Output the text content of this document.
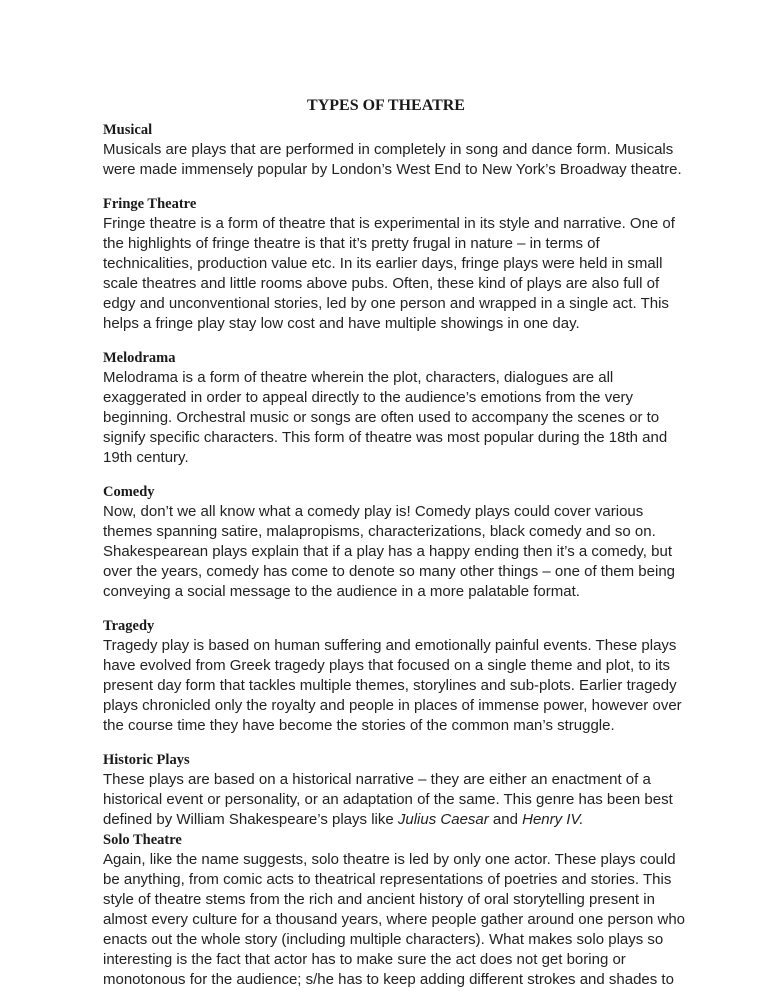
TYPES OF THEATRE
Musical
Musicals are plays that are performed in completely in song and dance form. Musicals
were made immensely popular by London’s West End to New York’s Broadway theatre.
Fringe Theatre
Fringe theatre is a form of theatre that is experimental in its style and narrative. One of
the highlights of fringe theatre is that it’s pretty frugal in nature – in terms of
technicalities, production value etc. In its earlier days, fringe plays were held in small
scale theatres and little rooms above pubs. Often, these kind of plays are also full of
edgy and unconventional stories, led by one person and wrapped in a single act. This
helps a fringe play stay low cost and have multiple showings in one day.
Melodrama
Melodrama is a form of theatre wherein the plot, characters, dialogues are all
exaggerated in order to appeal directly to the audience’s emotions from the very
beginning. Orchestral music or songs are often used to accompany the scenes or to
signify specific characters. This form of theatre was most popular during the 18th and
19th century.
Comedy
Now, don’t we all know what a comedy play is! Comedy plays could cover various
themes spanning satire, malapropisms, characterizations, black comedy and so on.
Shakespearean plays explain that if a play has a happy ending then it’s a comedy, but
over the years, comedy has come to denote so many other things – one of them being
conveying a social message to the audience in a more palatable format.
Tragedy
Tragedy play is based on human suffering and emotionally painful events. These plays
have evolved from Greek tragedy plays that focused on a single theme and plot, to its
present day form that tackles multiple themes, storylines and sub-plots. Earlier tragedy
plays chronicled only the royalty and people in places of immense power, however over
the course time they have become the stories of the common man’s struggle.
Historic Plays
These plays are based on a historical narrative – they are either an enactment of a
historical event or personality, or an adaptation of the same. This genre has been best
defined by William Shakespeare’s plays like Julius Caesar and Henry IV.
Solo Theatre
Again, like the name suggests, solo theatre is led by only one actor. These plays could
be anything, from comic acts to theatrical representations of poetries and stories. This
style of theatre stems from the rich and ancient history of oral storytelling present in
almost every culture for a thousand years, where people gather around one person who
enacts out the whole story (including multiple characters). What makes solo plays so
interesting is the fact that actor has to make sure the act does not get boring or
monotonous for the audience; s/he has to keep adding different strokes and shades to
